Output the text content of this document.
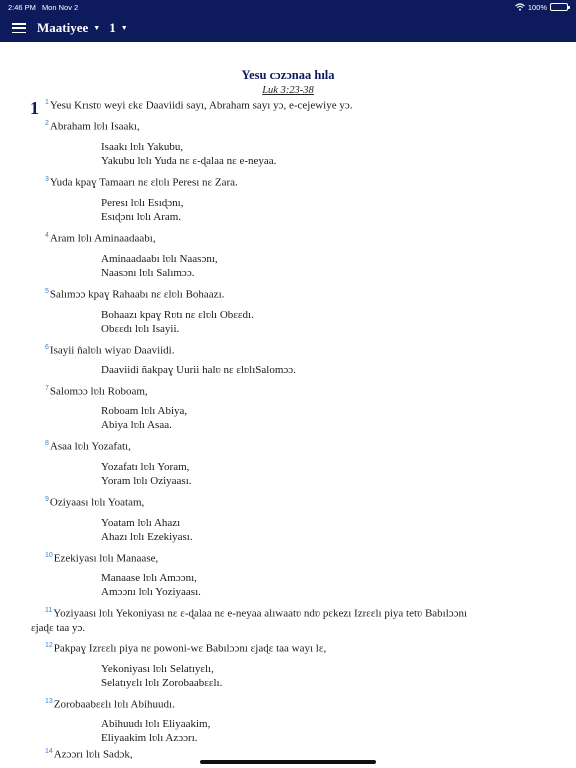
2:46 PM Mon Nov 2	100%
Maatiyee ▼ 1 ▼
Yesu cɔzɔnaa hıla
Luk 3:23-38
1 $^1$Yesu Krıstʋ weyi ɛkɛ Daaviidi sayı, Abraham sayı yɔ, e-cejewiye yɔ.
$^2$Abraham lʋlı Isaakı,
Isaakı lʋlı Yakubu,
Yakubu lʋlı Yuda nɛ ɛ-ɖalaa nɛ e-neyaa.
$^3$Yuda kpaɣ Tamaarı nɛ ɛlʋlı Peresı nɛ Zara.
Peresı lʋlı Esıɖɔnı,
Esıɖɔnı lʋlı Aram.
$^4$Aram lʋlı Aminaadaabı,
Aminaadaabı lʋlı Naasɔnı,
Naasɔnı lʋlı Salımɔɔ.
$^5$Salımɔɔ kpaɣ Rahaabı nɛ ɛlʋlı Bohaazı.
Bohaazı kpaɣ Rʋtı nɛ ɛlʋlı Obɛɛdı.
Obɛɛdı lʋlı Isayii.
$^6$Isayii ñalʋlı wiyaʋ Daaviidi.
Daaviidi ñakpaɣ Uurii halʋ nɛ ɛlʋlıSalomɔɔ.
$^7$Salomɔɔ lʋlı Roboam,
Roboam lʋlı Abiya,
Abiya lʋlı Asaa.
$^8$Asaa lʋlı Yozafatı,
Yozafatı lʋlı Yoram,
Yoram lʋlı Oziyaası.
$^9$Oziyaası lʋlı Yoatam,
Yoatam lʋlı Ahazı
Ahazı lʋlı Ezekiyası.
$^{10}$Ezekiyası lʋlı Manaase,
Manaase lʋlı Amɔɔnı,
Amɔɔnı lʋlı Yoziyaası.
$^{11}$Yoziyaası lʋlı Yekoniyası nɛ ɛ-ɖalaa nɛ e-neyaa alıwaatʋ ndʋ pɛkezı Izrɛɛlı piya tetʋ Babılɔɔnı
ɛjaɖɛ taa yɔ.
$^{12}$Pakpaɣ Izrɛɛlı piya nɛ powoni-wɛ Babılɔɔnı ɛjaɖɛ taa wayı lɛ,
Yekoniyası lʋlı Selatıyɛlı,
Selatıyɛlı lʋlı Zorobaabɛɛlı.
$^{13}$Zorobaabɛɛlı lʋlı Abihuudı.
Abihuudı lʋlı Eliyaakim,
Eliyaakim lʋlı Azɔɔrı.
$^{14}$Azɔɔrı lʋlı Sadɔk,
